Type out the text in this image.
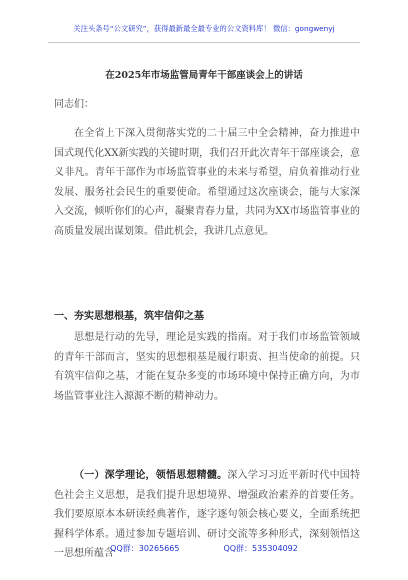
关注头条号“公文研究”，获得最新最全最专业的公文资料库！ 微信：gongwenyj
在2025年市场监管局青年干部座谈会上的讲话
同志们：

在全省上下深入贯彻落实党的二十届三中全会精神，奋力推进中国式现代化XX新实践的关键时期，我们召开此次青年干部座谈会，意义非凡。青年干部作为市场监管事业的未来与希望，肩负着推动行业发展、服务社会民生的重要使命。希望通过这次座谈会，能与大家深入交流，倾听你们的心声，凝聚青春力量，共同为XX市场监管事业的高质量发展出谋划策。借此机会，我讲几点意见。

一、夯实思想根基，筑牢信仰之基

思想是行动的先导，理论是实践的指南。对于我们市场监管领域的青年干部而言，坚实的思想根基是履行职责、担当使命的前提。只有筑牢信仰之基，才能在复杂多变的市场环境中保持正确方向，为市场监管事业注入源源不断的精神动力。

（一）深学理论，领悟思想精髓。深入学习习近平新时代中国特色社会主义思想，是我们提升思想境界、增强政治素养的首要任务。我们要原原本本研读经典著作，逐字逐句领会核心要义，全面系统把握科学体系。通过参加专题培训、研讨交流等多种形式，深刻领悟这一思想所蕴含

QQ群：30265665	QQ群：535304092
